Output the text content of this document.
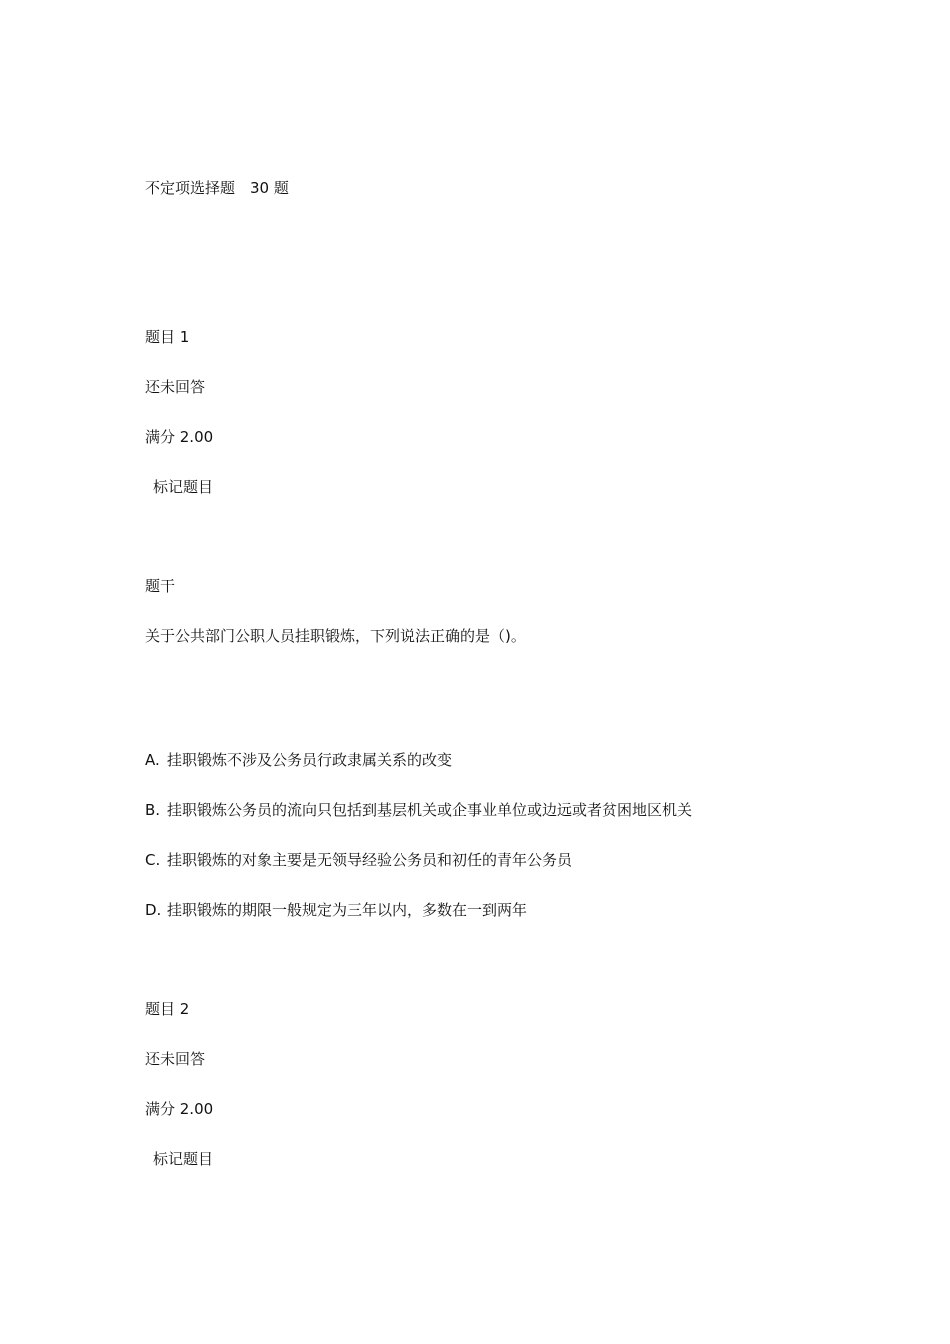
不定项选择题　30 题
题目 1
还未回答
满分 2.00
标记题目
题干
关于公共部门公职人员挂职锻炼，下列说法正确的是（)。
A. 挂职锻炼不涉及公务员行政隶属关系的改变
B. 挂职锻炼公务员的流向只包括到基层机关或企事业单位或边远或者贫困地区机关
C. 挂职锻炼的对象主要是无领导经验公务员和初任的青年公务员
D. 挂职锻炼的期限一般规定为三年以内，多数在一到两年
题目 2
还未回答
满分 2.00
标记题目
